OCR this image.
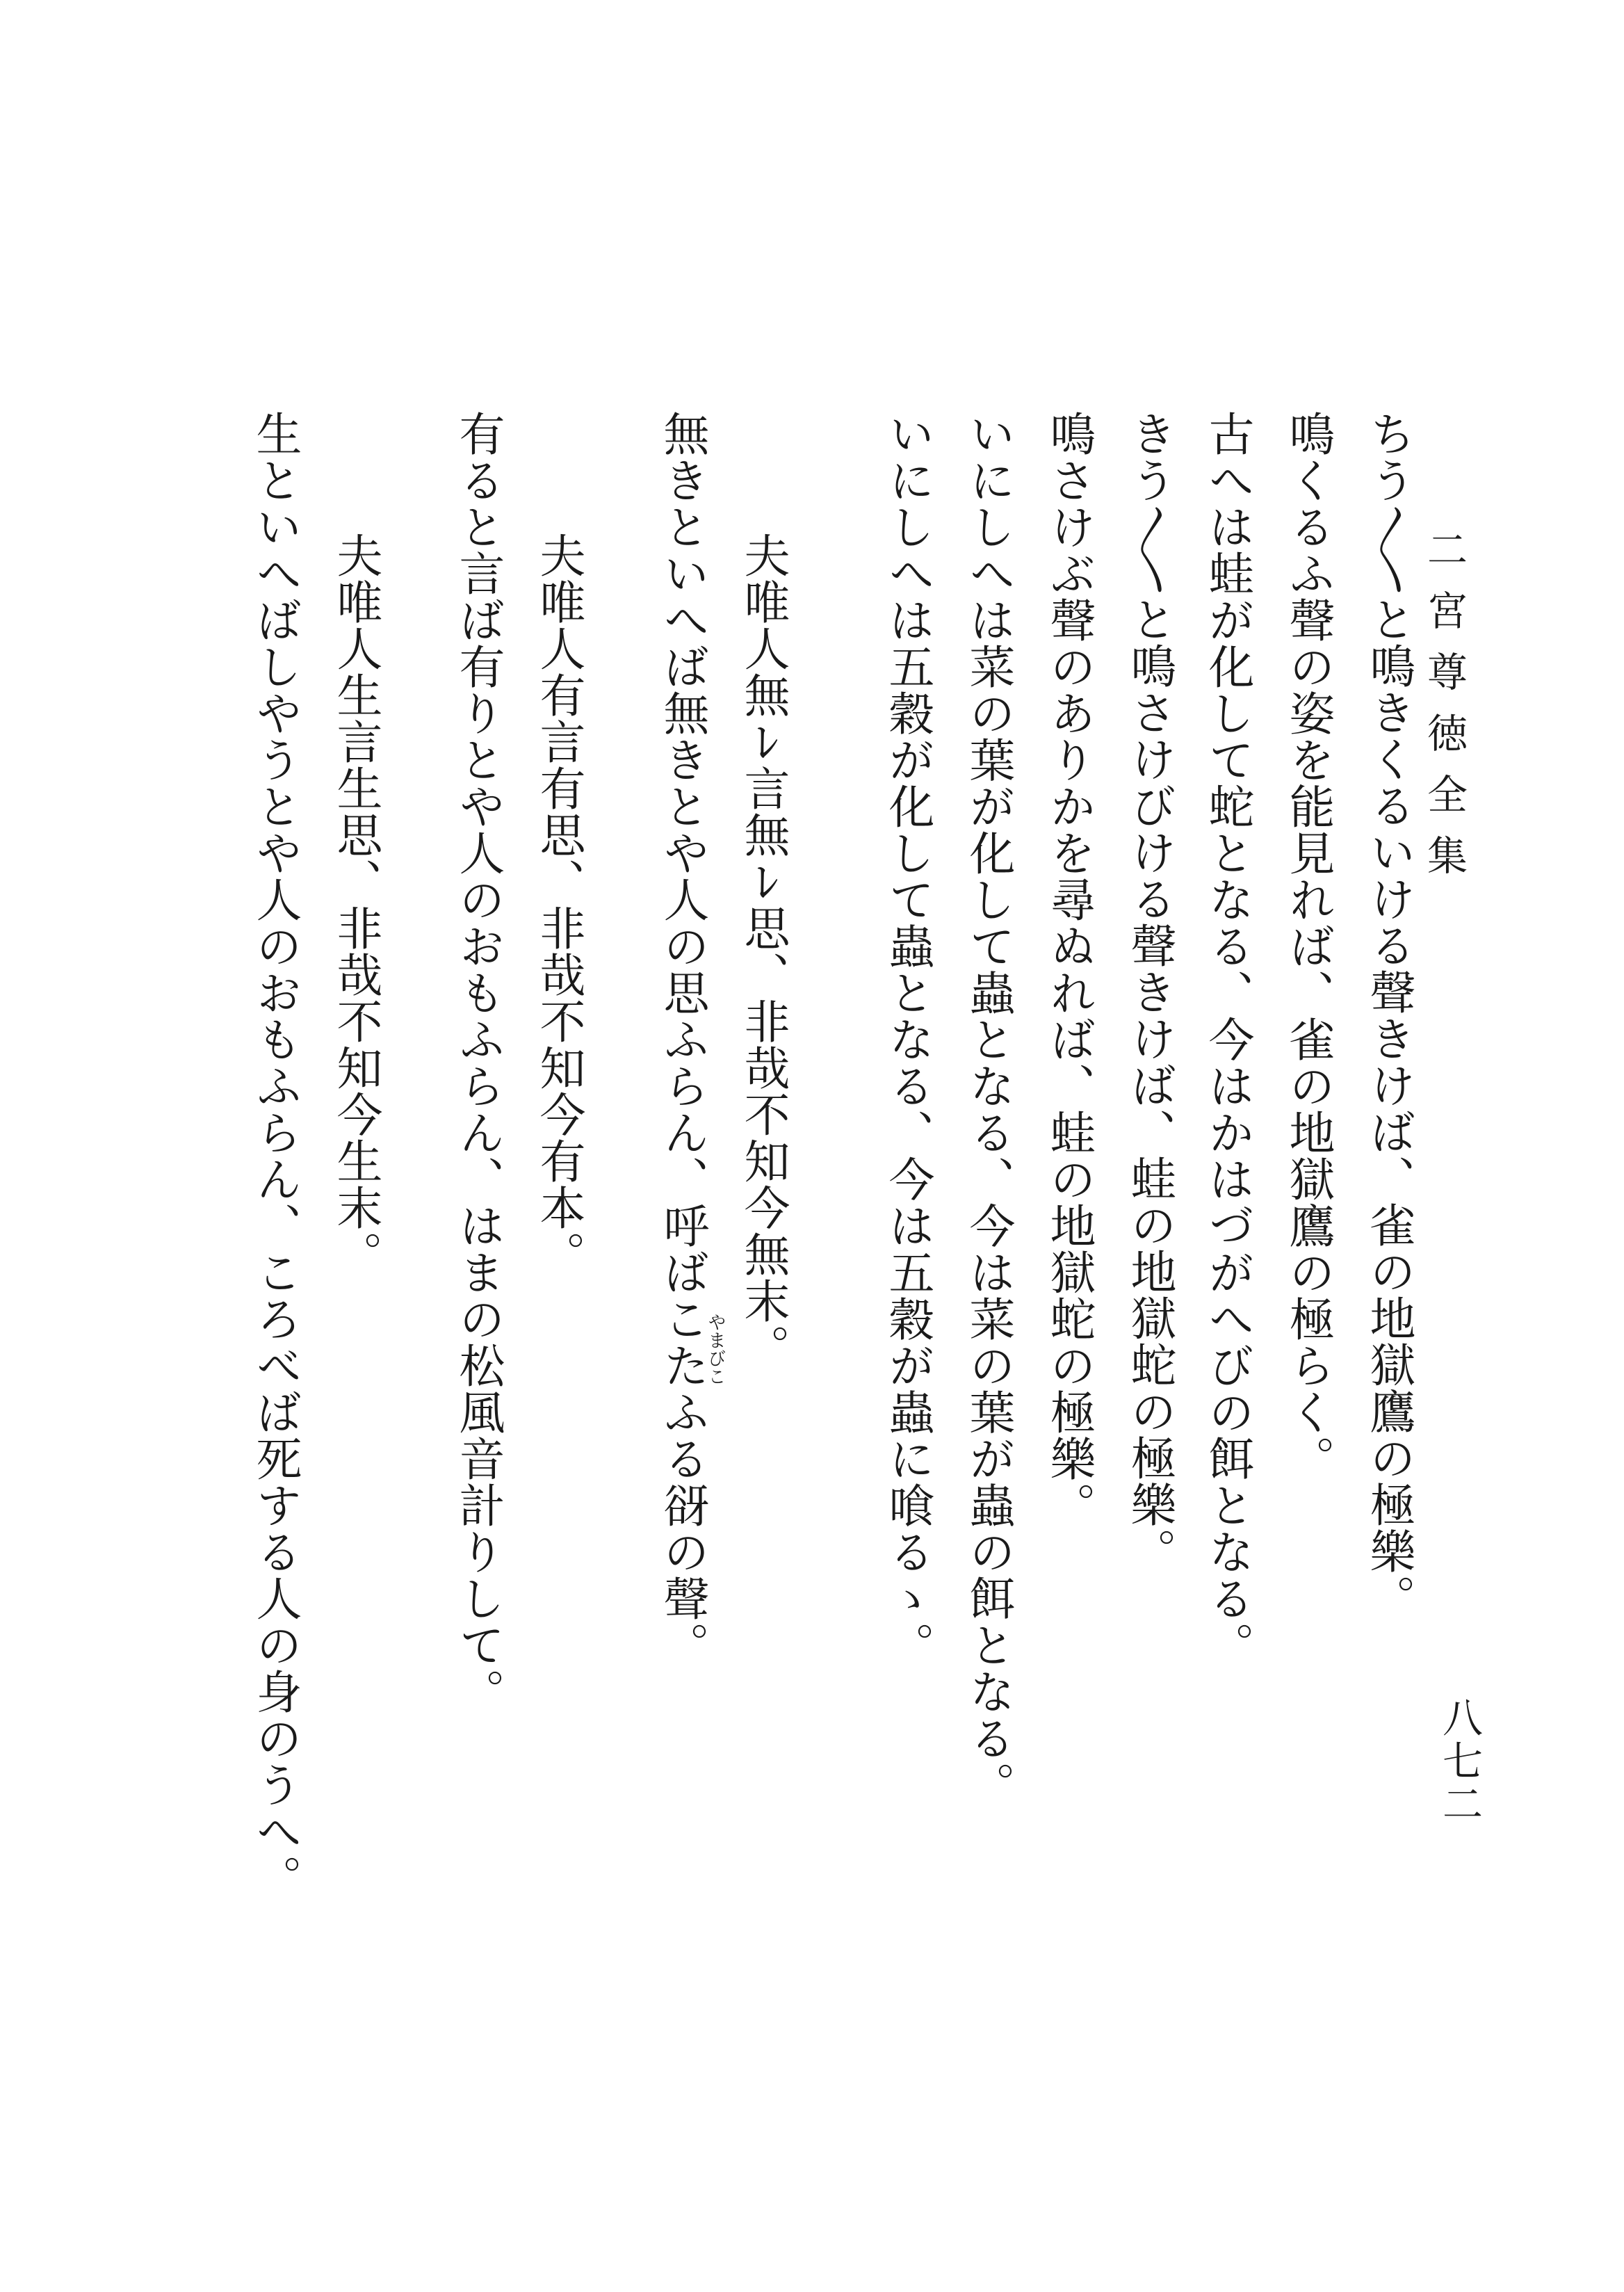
二宮尊徳全集
八七二
ちう〳〵と鳴きくるいける聲きけば、雀の地獄鷹の極樂。
鳴くるふ聲の姿を能見れば、雀の地獄鷹の極らく。
古へは蛙が化して蛇となる、今はかはづがへびの餌となる。
きう〳〵と鳴さけびける聲きけば、蛙の地獄蛇の極樂。
鳴さけぶ聲のありかを尋ぬれば、蛙の地獄蛇の極樂。
いにしへは菜の葉が化して蟲となる、今は菜の葉が蟲の餌となる。
いにしへは五穀が化して蟲となる、今は五穀が蟲に喰るゝ。
夫唯人無ﾚ言無ﾚ思、非哉不知今無末。
無きといへば無きとや人の思ふらん、呼ばこたふる谺の聲。
やまびこ
夫唯人有言有思、非哉不知今有本。
有ると言ば有りとや人のおもふらん、はまの松風音計りして。
夫唯人生言生思、非哉不知今生末。
生といへばしやうとや人のおもふらん、ころべば死する人の身のうへ。
